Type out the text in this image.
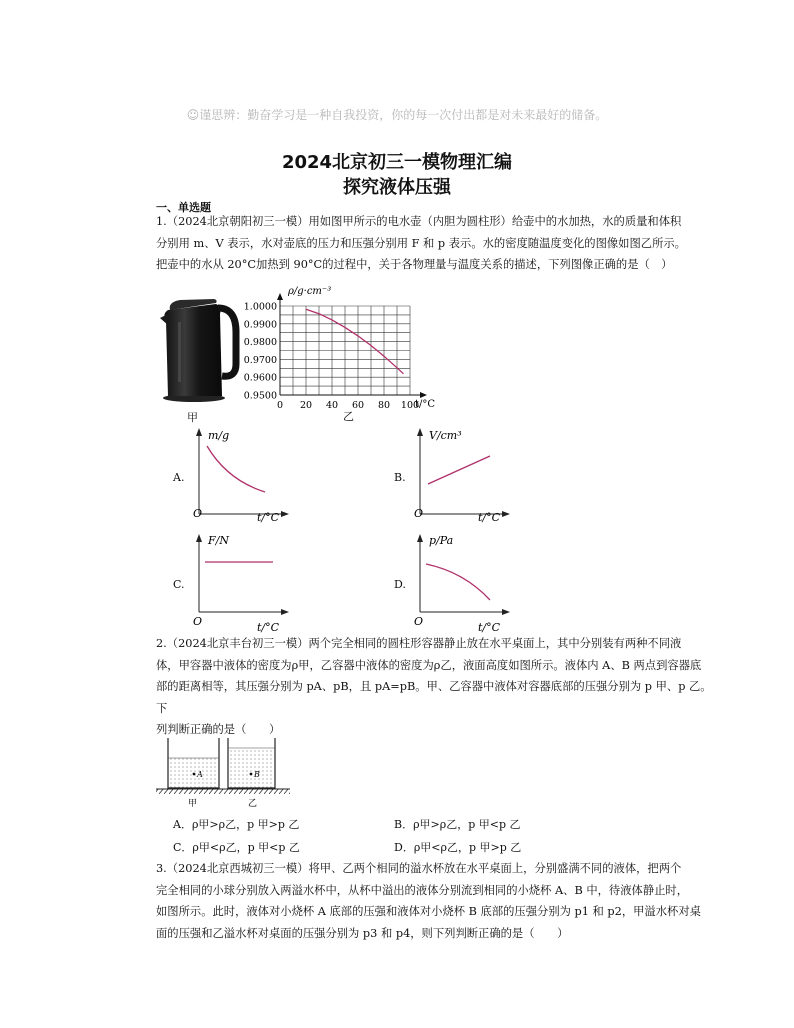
☺谨思辨：勤奋学习是一种自我投资，你的每一次付出都是对未来最好的储备。
2024北京初三一模物理汇编
探究液体压强
一、单选题
1.（2024北京朝阳初三一模）用如图甲所示的电水壶（内胆为圆柱形）给壶中的水加热，水的质量和体积
分别用 m、V 表示，水对壶底的压力和压强分别用 F 和 p 表示。水的密度随温度变化的图像如图乙所示。
把壶中的水从 20°C加热到 90°C的过程中，关于各物理量与温度关系的描述，下列图像正确的是（　）
甲
1.0000
0.9900
0.9800
0.9700
0.9600
0.9500
0 20 40 60 80 100
ρ/g·cm⁻³
t/°C
乙
A.
m/g
t/°C
O
B.
V/cm³
t/°C
O
C.
F/N
t/°C
O
D.
p/Pa
t/°C
O
2.（2024北京丰台初三一模）两个完全相同的圆柱形容器静止放在水平桌面上，其中分别装有两种不同液
体，甲容器中液体的密度为ρ甲，乙容器中液体的密度为ρ乙，液面高度如图所示。液体内 A、B 两点到容器底
部的距离相等，其压强分别为 pA、pB，且 pA=pB。甲、乙容器中液体对容器底部的压强分别为 p 甲、p 乙。下
列判断正确的是（　　）
A	B
甲	乙
A．ρ甲>ρ乙，p 甲>p 乙	B．ρ甲>ρ乙，p 甲<p 乙
C．ρ甲<ρ乙，p 甲<p 乙	D．ρ甲<ρ乙，p 甲>p 乙
3.（2024北京西城初三一模）将甲、乙两个相同的溢水杯放在水平桌面上，分别盛满不同的液体，把两个
完全相同的小球分别放入两溢水杯中，从杯中溢出的液体分别流到相同的小烧杯 A、B 中，待液体静止时，
如图所示。此时，液体对小烧杯 A 底部的压强和液体对小烧杯 B 底部的压强分别为 p1 和 p2，甲溢水杯对桌
面的压强和乙溢水杯对桌面的压强分别为 p3 和 p4，则下列判断正确的是（　　）
